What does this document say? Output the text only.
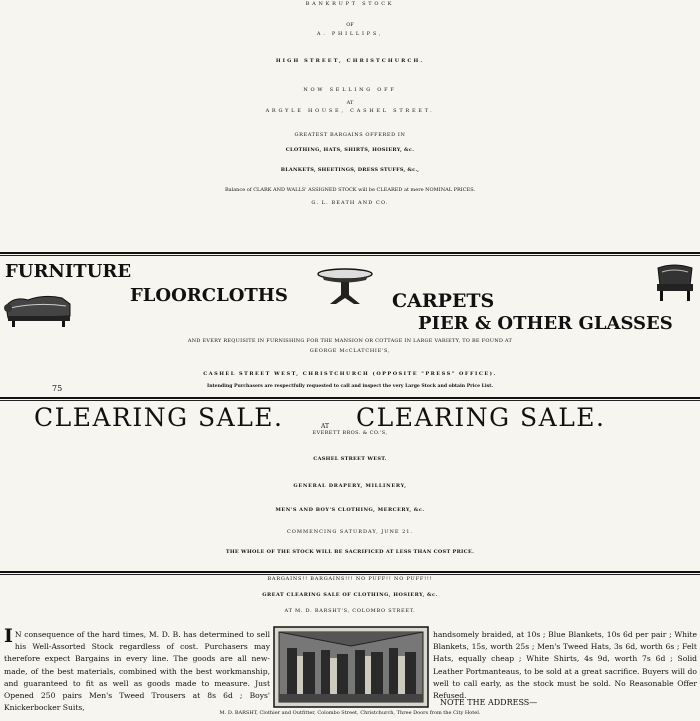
BANKRUPT STOCK
OF
A. PHILLIPS,
HIGH STREET, CHRISTCHURCH.
NOW SELLING OFF
AT
ARGYLE HOUSE, CASHEL STREET.
GREATEST BARGAINS OFFERED IN
CLOTHING, HATS, SHIRTS, HOSIERY, &c.
BLANKETS, SHEETINGS, DRESS STUFFS, &c.,
Balance of CLARK AND WALLS' ASSIGNED STOCK will be CLEARED at mere NOMINAL PRICES.
G. L. BEATH AND CO.
FURNITURE
FLOORCLOTHS	CARPETS
PIER & OTHER GLASSES
AND EVERY REQUISITE IN FURNISHING FOR THE MANSION OR COTTAGE IN LARGE VARIETY, TO BE FOUND AT
GEORGE McCLATCHIE'S,
CASHEL STREET WEST, CHRISTCHURCH (OPPOSITE "PRESS" OFFICE).
75	Intending Purchasers are respectfully requested to call and inspect the very Large Stock and obtain Price List.
CLEARING SALE.	AT CLEARING SALE.
EVERETT BROS. & CO.'S,
CASHEL STREET WEST.
GENERAL DRAPERY, MILLINERY,
MEN'S AND BOY'S CLOTHING, MERCERY, &c.
COMMENCING SATURDAY, JUNE 21.
THE WHOLE OF THE STOCK WILL BE SACRIFICED AT LESS THAN COST PRICE.
BARGAINS!! BARGAINS!!! NO PUFF!! NO PUFF!!!
GREAT CLEARING SALE OF CLOTHING, HOSIERY, &c.
AT M. D. BARSHT'S, COLOMBO STREET.
I N consequence of the hard times, M. D. B. has determined to sell his Well-Assorted Stock regardless of cost. Purchasers may therefore expect Bargains in every line. The goods are all new-made, of the best materials, combined with the best workmanship, and guaranteed to fit as well as goods made to measure. Just Opened 250 pairs Men's Tweed Trousers at 8s 6d ; Boys' Knickerbocker Suits,

handsomely braided, at 10s ; Blue Blankets, 10s 6d per pair ; White Blankets, 15s, worth 25s ; Men's Tweed Hats, 3s 6d, worth 6s ; Felt Hats, equally cheap ; White Shirts, 4s 9d, worth 7s 6d ; Solid Leather Portmanteaus, to be sold at a great sacrifice. Buyers will do well to call early, as the stock must be sold. No Reasonable Offer Refused.

NOTE THE ADDRESS—
M. D. BARSHT, Clothier and Outfitter, Colombo Street, Christchurch, Three Doors from the City Hotel.
